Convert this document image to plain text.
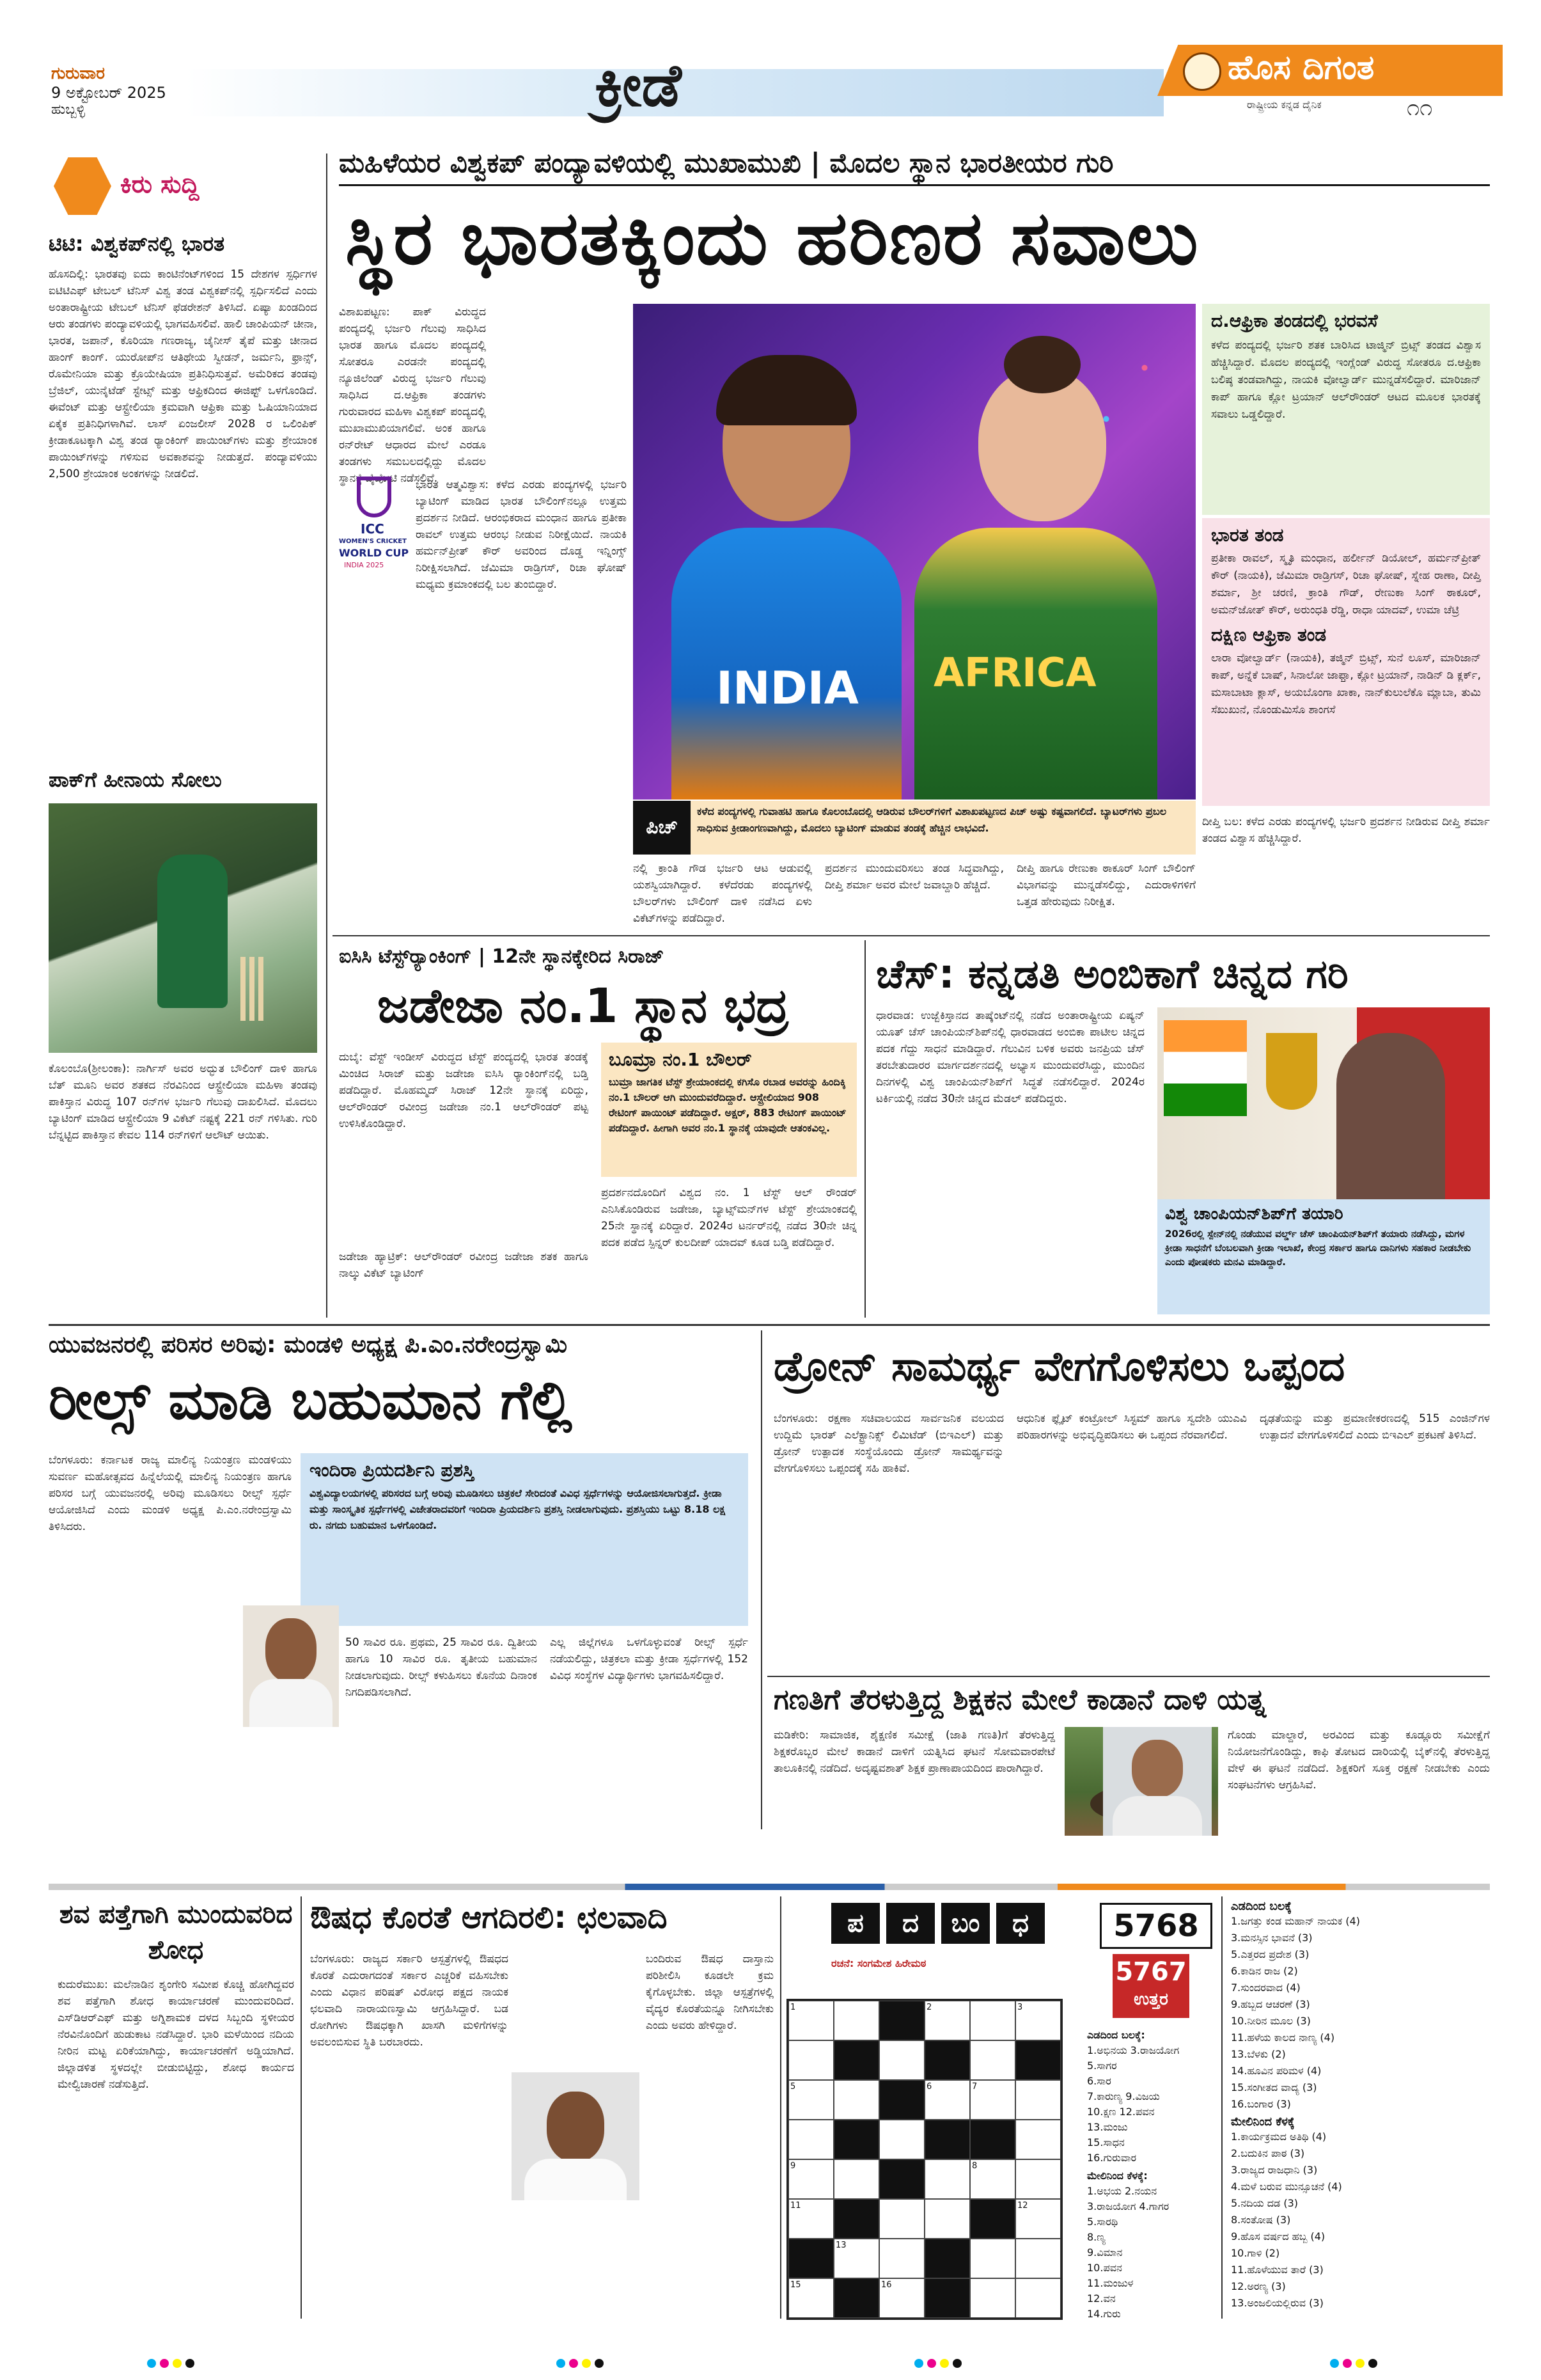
ಗುರುವಾರ
9 ಅಕ್ಟೋಬರ್ 2025
ಹುಬ್ಬಳ್ಳಿ	ಕ್ರೀಡೆ	ಹೊಸ ದಿಗಂತ
ರಾಷ್ಟ್ರೀಯ ಕನ್ನಡ ದೈನಿಕ	೧೧
ಕಿರು ಸುದ್ದಿ
ಟಿಟಿ: ವಿಶ್ವಕಪ್‌ನಲ್ಲಿ ಭಾರತ
ಹೊಸದಿಲ್ಲಿ: ಭಾರತವು ಐದು ಕಾಂಟಿನೆಂಟ್‌ಗಳಿಂದ 15 ದೇಶಗಳ ಸ್ಪರ್ಧಿಗಳ ಐಟಿಟಿಎಫ್ ಟೇಬಲ್ ಟೆನಿಸ್ ವಿಶ್ವ ತಂಡ ವಿಶ್ವಕಪ್‌ನಲ್ಲಿ ಸ್ಪರ್ಧಿಸಲಿದೆ ಎಂದು ಅಂತಾರಾಷ್ಟ್ರೀಯ ಟೇಬಲ್ ಟೆನಿಸ್ ಫೆಡರೇಶನ್ ತಿಳಿಸಿದೆ. ಏಷ್ಯಾ ಖಂಡದಿಂದ ಆರು ತಂಡಗಳು ಪಂದ್ಯಾವಳಿಯಲ್ಲಿ ಭಾಗವಹಿಸಲಿವೆ. ಹಾಲಿ ಚಾಂಪಿಯನ್ ಚೀನಾ, ಭಾರತ, ಜಪಾನ್, ಕೊರಿಯಾ ಗಣರಾಜ್ಯ, ಚೈನೀಸ್ ತೈಪೆ ಮತ್ತು ಚೀನಾದ ಹಾಂಗ್ ಕಾಂಗ್. ಯುರೋಪ್‌ನ ಆತಿಥೇಯ ಸ್ವೀಡನ್, ಜರ್ಮನಿ, ಫ್ರಾನ್ಸ್, ರೊಮೇನಿಯಾ ಮತ್ತು ಕ್ರೊಯೇಷಿಯಾ ಪ್ರತಿನಿಧಿಸುತ್ತವೆ. ಅಮೆರಿಕದ ತಂಡವು ಬ್ರೆಜಿಲ್, ಯುನೈಟೆಡ್ ಸ್ಟೇಟ್ಸ್ ಮತ್ತು ಆಫ್ರಿಕದಿಂದ ಈಜಿಪ್ಟ್ ಒಳಗೊಂಡಿದೆ. ಈವೆಂಟ್ ಮತ್ತು ಆಸ್ಟ್ರೇಲಿಯಾ ಕ್ರಮವಾಗಿ ಆಫ್ರಿಕಾ ಮತ್ತು ಓಷಿಯಾನಿಯಾದ ಏಕೈಕ ಪ್ರತಿನಿಧಿಗಳಾಗಿವೆ. ಲಾಸ್ ಏಂಜಲೀಸ್ 2028 ರ ಒಲಿಂಪಿಕ್ ಕ್ರೀಡಾಕೂಟಕ್ಕಾಗಿ ವಿಶ್ವ ತಂಡ ರ‍್ಯಾಂಕಿಂಗ್ ಪಾಯಿಂಟ್‌ಗಳು ಮತ್ತು ಶ್ರೇಯಾಂಕ ಪಾಯಿಂಟ್‌ಗಳನ್ನು ಗಳಿಸುವ ಅವಕಾಶವನ್ನು ನೀಡುತ್ತದೆ. ಪಂದ್ಯಾವಳಿಯು 2,500 ಶ್ರೇಯಾಂಕ ಅಂಕಗಳನ್ನು ನೀಡಲಿದೆ.
ಪಾಕ್‌ಗೆ ಹೀನಾಯ ಸೋಲು
ಕೊಲಂಬೊ(ಶ್ರೀಲಂಕಾ): ನಾರ್ಗಿಸ್ ಅವರ ಅದ್ಭುತ ಬೌಲಿಂಗ್ ದಾಳಿ ಹಾಗೂ ಬೆತ್ ಮೂನಿ ಅವರ ಶತಕದ ನೆರವಿನಿಂದ ಆಸ್ಟ್ರೇಲಿಯಾ ಮಹಿಳಾ ತಂಡವು ಪಾಕಿಸ್ತಾನ ವಿರುದ್ಧ 107 ರನ್‌ಗಳ ಭರ್ಜರಿ ಗೆಲುವು ದಾಖಲಿಸಿದೆ. ಮೊದಲು ಬ್ಯಾಟಿಂಗ್ ಮಾಡಿದ ಆಸ್ಟ್ರೇಲಿಯಾ 9 ವಿಕೆಟ್ ನಷ್ಟಕ್ಕೆ 221 ರನ್ ಗಳಿಸಿತು. ಗುರಿ ಬೆನ್ನಟ್ಟಿದ ಪಾಕಿಸ್ತಾನ ಕೇವಲ 114 ರನ್‌ಗಳಿಗೆ ಆಲೌಟ್ ಆಯಿತು.
ಮಹಿಳೆಯರ ವಿಶ್ವಕಪ್ ಪಂದ್ಯಾವಳಿಯಲ್ಲಿ ಮುಖಾಮುಖಿ | ಮೊದಲ ಸ್ಥಾನ ಭಾರತೀಯರ ಗುರಿ
ಸ್ಥಿರ ಭಾರತಕ್ಕಿಂದು ಹರಿಣರ ಸವಾಲು
ವಿಶಾಖಪಟ್ಟಣ: ಪಾಕ್ ವಿರುದ್ಧದ ಪಂದ್ಯದಲ್ಲಿ ಭರ್ಜರಿ ಗೆಲುವು ಸಾಧಿಸಿದ ಭಾರತ ಹಾಗೂ ಮೊದಲ ಪಂದ್ಯದಲ್ಲಿ ಸೋತರೂ ಎರಡನೇ ಪಂದ್ಯದಲ್ಲಿ ನ್ಯೂಜಿಲೆಂಡ್ ವಿರುದ್ಧ ಭರ್ಜರಿ ಗೆಲುವು ಸಾಧಿಸಿದ ದ.ಆಫ್ರಿಕಾ ತಂಡಗಳು ಗುರುವಾರದ ಮಹಿಳಾ ವಿಶ್ವಕಪ್ ಪಂದ್ಯದಲ್ಲಿ ಮುಖಾಮುಖಿಯಾಗಲಿವೆ. ಅಂಕ ಹಾಗೂ ರನ್‌ರೇಟ್ ಆಧಾರದ ಮೇಲೆ ಎರಡೂ ತಂಡಗಳು ಸಮಬಲದಲ್ಲಿದ್ದು ಮೊದಲ ಸ್ಥಾನಕ್ಕೆ ಪೈಪೋಟಿ ನಡೆಸಲಿವೆ.
ICC
WOMEN'S CRICKET
WORLD CUP
INDIA 2025
ಭಾರತ ಆತ್ಮವಿಶ್ವಾಸ: ಕಳೆದ ಎರಡು ಪಂದ್ಯಗಳಲ್ಲಿ ಭರ್ಜರಿ ಬ್ಯಾಟಿಂಗ್ ಮಾಡಿದ ಭಾರತ ಬೌಲಿಂಗ್‌ನಲ್ಲೂ ಉತ್ತಮ ಪ್ರದರ್ಶನ ನೀಡಿದೆ. ಆರಂಭಿಕರಾದ ಮಂಧಾನ ಹಾಗೂ ಪ್ರತೀಕಾ ರಾವಲ್ ಉತ್ತಮ ಆರಂಭ ನೀಡುವ ನಿರೀಕ್ಷೆಯಿದೆ. ನಾಯಕಿ ಹರ್ಮನ್‌ಪ್ರೀತ್ ಕೌರ್ ಅವರಿಂದ ದೊಡ್ಡ ಇನ್ನಿಂಗ್ಸ್ ನಿರೀಕ್ಷಿಸಲಾಗಿದೆ. ಜೆಮಿಮಾ ರಾಡ್ರಿಗಸ್, ರಿಚಾ ಘೋಷ್ ಮಧ್ಯಮ ಕ್ರಮಾಂಕದಲ್ಲಿ ಬಲ ತುಂಬಿದ್ದಾರೆ.
INDIA AFRICA
ದ.ಆಫ್ರಿಕಾ ತಂಡದಲ್ಲಿ ಭರವಸೆ
ಕಳೆದ ಪಂದ್ಯದಲ್ಲಿ ಭರ್ಜರಿ ಶತಕ ಬಾರಿಸಿದ ಟಾಜ್ಮಿನ್ ಬ್ರಿಟ್ಸ್ ತಂಡದ ವಿಶ್ವಾಸ ಹೆಚ್ಚಿಸಿದ್ದಾರೆ. ಮೊದಲ ಪಂದ್ಯದಲ್ಲಿ ಇಂಗ್ಲೆಂಡ್ ವಿರುದ್ಧ ಸೋತರೂ ದ.ಆಫ್ರಿಕಾ ಬಲಿಷ್ಠ ತಂಡವಾಗಿದ್ದು, ನಾಯಕಿ ವೋಲ್ವಾರ್ಡ್ ಮುನ್ನಡೆಸಲಿದ್ದಾರೆ. ಮಾರಿಜಾನ್ ಕಾಪ್ ಹಾಗೂ ಕ್ಲೋ ಟ್ರಯಾನ್ ಆಲ್‌ರೌಂಡರ್ ಆಟದ ಮೂಲಕ ಭಾರತಕ್ಕೆ ಸವಾಲು ಒಡ್ಡಲಿದ್ದಾರೆ.
ಭಾರತ ತಂಡ
ಪ್ರತೀಕಾ ರಾವಲ್, ಸ್ಮೃತಿ ಮಂಧಾನ, ಹರ್ಲೀನ್ ಡಿಯೋಲ್, ಹರ್ಮನ್‌ಪ್ರೀತ್ ಕೌರ್ (ನಾಯಕಿ), ಜೆಮಿಮಾ ರಾಡ್ರಿಗಸ್, ರಿಚಾ ಘೋಷ್, ಸ್ನೇಹ ರಾಣಾ, ದೀಪ್ತಿ ಶರ್ಮಾ, ಶ್ರೀ ಚರಣಿ, ಕ್ರಾಂತಿ ಗೌಡ್, ರೇಣುಕಾ ಸಿಂಗ್ ಠಾಕೂರ್, ಅಮನ್‌ಜೋತ್ ಕೌರ್, ಅರುಂಧತಿ ರೆಡ್ಡಿ, ರಾಧಾ ಯಾದವ್, ಉಮಾ ಚೆಟ್ರಿ
ದಕ್ಷಿಣ ಆಫ್ರಿಕಾ ತಂಡ
ಲಾರಾ ವೋಲ್ವಾರ್ಡ್ (ನಾಯಕಿ), ತಜ್ಮಿನ್ ಬ್ರಿಟ್ಸ್, ಸುನೆ ಲೂಸ್, ಮಾರಿಜಾನ್ ಕಾಪ್, ಅನ್ನೆಕೆ ಬಾಷ್, ಸಿನಾಲೋ ಜಾಫ್ತಾ, ಕ್ಲೋ ಟ್ರಯಾನ್, ನಾಡಿನ್ ಡಿ ಕ್ಲರ್ಕ್, ಮಸಾಬಾಟಾ ಕ್ಲಾಸ್, ಅಯಬೊಂಗಾ ಖಾಕಾ, ನಾನ್‌ಕುಲುಲೆಕೊ ಮ್ಲಾಬಾ, ತುಮಿ ಸೆಖುಖುನೆ, ನೊಂಡುಮಿಸೊ ಶಾಂಗಸೆ
ದೀಪ್ತಿ ಬಲ: ಕಳೆದ ಎರಡು ಪಂದ್ಯಗಳಲ್ಲಿ ಭರ್ಜರಿ ಪ್ರದರ್ಶನ ನೀಡಿರುವ ದೀಪ್ತಿ ಶರ್ಮಾ ತಂಡದ ವಿಶ್ವಾಸ ಹೆಚ್ಚಿಸಿದ್ದಾರೆ.
ಪಿಚ್
ಕಳೆದ ಪಂದ್ಯಗಳಲ್ಲಿ ಗುವಾಹಟಿ ಹಾಗೂ ಕೊಲಂಬೊದಲ್ಲಿ ಆಡಿರುವ ಬೌಲರ್‌ಗಳಿಗೆ ವಿಶಾಖಪಟ್ಟಣದ ಪಿಚ್ ಅಷ್ಟು ಕಷ್ಟವಾಗಲಿದೆ. ಬ್ಯಾಟರ್‌ಗಳು ಪ್ರಬಲ ಸಾಧಿಸುವ ಕ್ರೀಡಾಂಗಣವಾಗಿದ್ದು, ಮೊದಲು ಬ್ಯಾಟಿಂಗ್ ಮಾಡುವ ತಂಡಕ್ಕೆ ಹೆಚ್ಚಿನ ಲಾಭವಿದೆ.
ನಲ್ಲಿ ಕ್ರಾಂತಿ ಗೌಡ ಭರ್ಜರಿ ಆಟ ಆಡುವಲ್ಲಿ ಯಶಸ್ವಿಯಾಗಿದ್ದಾರೆ. ಕಳೆದೆರಡು ಪಂದ್ಯಗಳಲ್ಲಿ ಬೌಲರ್‌ಗಳು ಬೌಲಿಂಗ್ ದಾಳಿ ನಡೆಸಿದ ಏಳು ವಿಕೆಟ್‌ಗಳನ್ನು ಪಡೆದಿದ್ದಾರೆ.
ಪ್ರದರ್ಶನ ಮುಂದುವರಿಸಲು ತಂಡ ಸಿದ್ಧವಾಗಿದ್ದು, ದೀಪ್ತಿ ಶರ್ಮಾ ಅವರ ಮೇಲೆ ಜವಾಬ್ದಾರಿ ಹೆಚ್ಚಿದೆ.
ದೀಪ್ತಿ ಹಾಗೂ ರೇಣುಕಾ ಠಾಕೂರ್ ಸಿಂಗ್ ಬೌಲಿಂಗ್ ವಿಭಾಗವನ್ನು ಮುನ್ನಡೆಸಲಿದ್ದು, ಎದುರಾಳಿಗಳಿಗೆ ಒತ್ತಡ ಹೇರುವುದು ನಿರೀಕ್ಷಿತ.
ಐಸಿಸಿ ಟೆಸ್ಟ್‌ರ‍್ಯಾಂಕಿಂಗ್ | 12ನೇ ಸ್ಥಾನಕ್ಕೇರಿದ ಸಿರಾಜ್
ಜಡೇಜಾ ನಂ.1 ಸ್ಥಾನ ಭದ್ರ
ದುಬೈ: ವೆಸ್ಟ್ ಇಂಡೀಸ್ ವಿರುದ್ಧದ ಟೆಸ್ಟ್ ಪಂದ್ಯದಲ್ಲಿ ಭಾರತ ತಂಡಕ್ಕೆ ಮಿಂಚಿದ ಸಿರಾಜ್ ಮತ್ತು ಜಡೇಜಾ ಐಸಿಸಿ ರ‍್ಯಾಂಕಿಂಗ್‌ನಲ್ಲಿ ಬಡ್ತಿ ಪಡೆದಿದ್ದಾರೆ. ಮೊಹಮ್ಮದ್ ಸಿರಾಜ್ 12ನೇ ಸ್ಥಾನಕ್ಕೆ ಏರಿದ್ದು, ಆಲ್‌ರೌಂಡರ್ ರವೀಂದ್ರ ಜಡೇಜಾ ನಂ.1 ಆಲ್‌ರೌಂಡರ್ ಪಟ್ಟ ಉಳಿಸಿಕೊಂಡಿದ್ದಾರೆ.
ಜಡೇಜಾ ಹ್ಯಾಟ್ರಿಕ್: ಆಲ್‌ರೌಂಡರ್ ರವೀಂದ್ರ ಜಡೇಜಾ ಶತಕ ಹಾಗೂ ನಾಲ್ಕು ವಿಕೆಟ್ ಬ್ಯಾಟಿಂಗ್
ಬೂಮ್ರಾ ನಂ.1 ಬೌಲರ್
ಬುಮ್ರಾ ಜಾಗತಿಕ ಟೆಸ್ಟ್ ಶ್ರೇಯಾಂಕದಲ್ಲಿ ಕಗಿಸೊ ರಬಾಡ ಅವರನ್ನು ಹಿಂದಿಕ್ಕಿ ನಂ.1 ಬೌಲರ್ ಆಗಿ ಮುಂದುವರೆದಿದ್ದಾರೆ. ಆಸ್ಟ್ರೇಲಿಯಾದ 908 ರೇಟಿಂಗ್ ಪಾಯಿಂಟ್ ಪಡೆದಿದ್ದಾರೆ. ಅಕ್ಷರ್, 883 ರೇಟಿಂಗ್ ಪಾಯಿಂಟ್ ಪಡೆದಿದ್ದಾರೆ. ಹೀಗಾಗಿ ಅವರ ನಂ.1 ಸ್ಥಾನಕ್ಕೆ ಯಾವುದೇ ಆತಂಕವಿಲ್ಲ.
ಪ್ರದರ್ಶನದೊಂದಿಗೆ ವಿಶ್ವದ ನಂ. 1 ಟೆಸ್ಟ್ ಆಲ್ ರೌಂಡರ್ ಎನಿಸಿಕೊಂಡಿರುವ ಜಡೇಜಾ, ಬ್ಯಾಟ್ಸ್‌ಮನ್‌ಗಳ ಟೆಸ್ಟ್ ಶ್ರೇಯಾಂಕದಲ್ಲಿ 25ನೇ ಸ್ಥಾನಕ್ಕೆ ಏರಿದ್ದಾರೆ. 2024ರ ಟರ್ನರ್‌ನಲ್ಲಿ ನಡೆದ 30ನೇ ಚಿನ್ನ ಪದಕ ಪಡೆದ ಸ್ಪಿನ್ನರ್ ಕುಲದೀಪ್ ಯಾದವ್ ಕೂಡ ಬಡ್ತಿ ಪಡೆದಿದ್ದಾರೆ.
ಚೆಸ್: ಕನ್ನಡತಿ ಅಂಬಿಕಾಗೆ ಚಿನ್ನದ ಗರಿ
ಧಾರವಾಡ: ಉಜ್ಬೆಕಿಸ್ತಾನದ ತಾಷ್ಕೆಂಟ್‌ನಲ್ಲಿ ನಡೆದ ಅಂತಾರಾಷ್ಟ್ರೀಯ ಏಷ್ಯನ್ ಯೂತ್ ಚೆಸ್ ಚಾಂಪಿಯನ್‌ಶಿಪ್‌ನಲ್ಲಿ ಧಾರವಾಡದ ಅಂಬಿಕಾ ಪಾಟೀಲ ಚಿನ್ನದ ಪದಕ ಗೆದ್ದು ಸಾಧನೆ ಮಾಡಿದ್ದಾರೆ. ಗೆಲುವಿನ ಬಳಿಕ ಅವರು ಜನಪ್ರಿಯ ಚೆಸ್ ತರಬೇತುದಾರರ ಮಾರ್ಗದರ್ಶನದಲ್ಲಿ ಅಭ್ಯಾಸ ಮುಂದುವರೆಸಿದ್ದು, ಮುಂದಿನ ದಿನಗಳಲ್ಲಿ ವಿಶ್ವ ಚಾಂಪಿಯನ್‌ಶಿಪ್‌ಗೆ ಸಿದ್ಧತೆ ನಡೆಸಲಿದ್ದಾರೆ. 2024ರ ಟರ್ಕಿಯಲ್ಲಿ ನಡೆದ 30ನೇ ಚಿನ್ನದ ಮೆಡಲ್ ಪಡೆದಿದ್ದರು.
ವಿಶ್ವ ಚಾಂಪಿಯನ್‌ಶಿಪ್‌ಗೆ ತಯಾರಿ
2026ರಲ್ಲಿ ಸ್ಪೇನ್‌ನಲ್ಲಿ ನಡೆಯುವ ವರ್ಲ್ಡ್ ಚೆಸ್ ಚಾಂಪಿಯನ್‌ಶಿಪ್‌ಗೆ ತಯಾರು ನಡೆಸಿದ್ದು, ಮಗಳ ಕ್ರೀಡಾ ಸಾಧನೆಗೆ ಬೆಂಬಲವಾಗಿ ಕ್ರೀಡಾ ಇಲಾಖೆ, ಕೇಂದ್ರ ಸರ್ಕಾರ ಹಾಗೂ ದಾನಿಗಳು ಸಹಕಾರ ನೀಡಬೇಕು ಎಂದು ಪೋಷಕರು ಮನವಿ ಮಾಡಿದ್ದಾರೆ.
ಯುವಜನರಲ್ಲಿ ಪರಿಸರ ಅರಿವು: ಮಂಡಳಿ ಅಧ್ಯಕ್ಷ ಪಿ.ಎಂ.ನರೇಂದ್ರಸ್ವಾಮಿ
ರೀಲ್ಸ್ ಮಾಡಿ ಬಹುಮಾನ ಗೆಲ್ಲಿ
ಬೆಂಗಳೂರು: ಕರ್ನಾಟಕ ರಾಜ್ಯ ಮಾಲಿನ್ಯ ನಿಯಂತ್ರಣ ಮಂಡಳಿಯು ಸುವರ್ಣ ಮಹೋತ್ಸವದ ಹಿನ್ನೆಲೆಯಲ್ಲಿ ಮಾಲಿನ್ಯ ನಿಯಂತ್ರಣ ಹಾಗೂ ಪರಿಸರ ಬಗ್ಗೆ ಯುವಜನರಲ್ಲಿ ಅರಿವು ಮೂಡಿಸಲು ರೀಲ್ಸ್ ಸ್ಪರ್ಧೆ ಆಯೋಜಿಸಿದೆ ಎಂದು ಮಂಡಳಿ ಅಧ್ಯಕ್ಷ ಪಿ.ಎಂ.ನರೇಂದ್ರಸ್ವಾಮಿ ತಿಳಿಸಿದರು.
ಇಂದಿರಾ ಪ್ರಿಯದರ್ಶಿನಿ ಪ್ರಶಸ್ತಿ
ವಿಶ್ವವಿದ್ಯಾಲಯಗಳಲ್ಲಿ ಪರಿಸರದ ಬಗ್ಗೆ ಅರಿವು ಮೂಡಿಸಲು ಚಿತ್ರಕಲೆ ಸೇರಿದಂತೆ ವಿವಿಧ ಸ್ಪರ್ಧೆಗಳನ್ನು ಆಯೋಜಿಸಲಾಗುತ್ತದೆ. ಕ್ರೀಡಾ ಮತ್ತು ಸಾಂಸ್ಕೃತಿಕ ಸ್ಪರ್ಧೆಗಳಲ್ಲಿ ವಿಜೇತರಾದವರಿಗೆ ಇಂದಿರಾ ಪ್ರಿಯದರ್ಶಿನಿ ಪ್ರಶಸ್ತಿ ನೀಡಲಾಗುವುದು. ಪ್ರಶಸ್ತಿಯು ಒಟ್ಟು 8.18 ಲಕ್ಷ ರು. ನಗದು ಬಹುಮಾನ ಒಳಗೊಂಡಿದೆ.
50 ಸಾವಿರ ರೂ. ಪ್ರಥಮ, 25 ಸಾವಿರ ರೂ. ದ್ವಿತೀಯ ಹಾಗೂ 10 ಸಾವಿರ ರೂ. ತೃತೀಯ ಬಹುಮಾನ ನೀಡಲಾಗುವುದು. ರೀಲ್ಸ್ ಕಳುಹಿಸಲು ಕೊನೆಯ ದಿನಾಂಕ ನಿಗದಿಪಡಿಸಲಾಗಿದೆ.
ಎಲ್ಲ ಜಿಲ್ಲೆಗಳೂ ಒಳಗೊಳ್ಳುವಂತೆ ರೀಲ್ಸ್ ಸ್ಪರ್ಧೆ ನಡೆಯಲಿದ್ದು, ಚಿತ್ರಕಲಾ ಮತ್ತು ಕ್ರೀಡಾ ಸ್ಪರ್ಧೆಗಳಲ್ಲಿ 152 ವಿವಿಧ ಸಂಸ್ಥೆಗಳ ವಿದ್ಯಾರ್ಥಿಗಳು ಭಾಗವಹಿಸಲಿದ್ದಾರೆ.
ಡ್ರೋನ್ ಸಾಮರ್ಥ್ಯ ವೇಗಗೊಳಿಸಲು ಒಪ್ಪಂದ
ಬೆಂಗಳೂರು: ರಕ್ಷಣಾ ಸಚಿವಾಲಯದ ಸಾರ್ವಜನಿಕ ವಲಯದ ಉದ್ದಿಮೆ ಭಾರತ್ ಎಲೆಕ್ಟ್ರಾನಿಕ್ಸ್ ಲಿಮಿಟೆಡ್ (ಬಿಇಎಲ್) ಮತ್ತು ಡ್ರೋನ್ ಉತ್ಪಾದಕ ಸಂಸ್ಥೆಯೊಂದು ಡ್ರೋನ್ ಸಾಮರ್ಥ್ಯವನ್ನು ವೇಗಗೊಳಿಸಲು ಒಪ್ಪಂದಕ್ಕೆ ಸಹಿ ಹಾಕಿವೆ.
ಆಧುನಿಕ ಫ್ಲೈಟ್ ಕಂಟ್ರೋಲ್ ಸಿಸ್ಟಮ್ ಹಾಗೂ ಸ್ವದೇಶಿ ಯುಎವಿ ಪರಿಹಾರಗಳನ್ನು ಅಭಿವೃದ್ಧಿಪಡಿಸಲು ಈ ಒಪ್ಪಂದ ನೆರವಾಗಲಿದೆ.
ದೃಢತೆಯನ್ನು ಮತ್ತು ಪ್ರಮಾಣೀಕರಣದಲ್ಲಿ 515 ಎಂಜಿನ್‌ಗಳ ಉತ್ಪಾದನೆ ವೇಗಗೊಳಿಸಲಿದೆ ಎಂದು ಬಿಇಎಲ್ ಪ್ರಕಟಣೆ ತಿಳಿಸಿದೆ.
ಗಣತಿಗೆ ತೆರಳುತ್ತಿದ್ದ ಶಿಕ್ಷಕನ ಮೇಲೆ ಕಾಡಾನೆ ದಾಳಿ ಯತ್ನ
ಮಡಿಕೇರಿ: ಸಾಮಾಜಿಕ, ಶೈಕ್ಷಣಿಕ ಸಮೀಕ್ಷೆ (ಜಾತಿ ಗಣತಿ)ಗೆ ತೆರಳುತ್ತಿದ್ದ ಶಿಕ್ಷಕರೊಬ್ಬರ ಮೇಲೆ ಕಾಡಾನೆ ದಾಳಿಗೆ ಯತ್ನಿಸಿದ ಘಟನೆ ಸೋಮವಾರಪೇಟೆ ತಾಲೂಕಿನಲ್ಲಿ ನಡೆದಿದೆ. ಅದೃಷ್ಟವಶಾತ್ ಶಿಕ್ಷಕ ಪ್ರಾಣಾಪಾಯದಿಂದ ಪಾರಾಗಿದ್ದಾರೆ.
ಗೊಂಡು ಮಾಲ್ದಾರೆ, ಅರವಿಂದ ಮತ್ತು ಕೂಡ್ಲೂರು ಸಮೀಕ್ಷೆಗೆ ನಿಯೋಜನೆಗೊಂಡಿದ್ದು, ಕಾಫಿ ತೋಟದ ದಾರಿಯಲ್ಲಿ ಬೈಕ್‌ನಲ್ಲಿ ತೆರಳುತ್ತಿದ್ದ ವೇಳೆ ಈ ಘಟನೆ ನಡೆದಿದೆ. ಶಿಕ್ಷಕರಿಗೆ ಸೂಕ್ತ ರಕ್ಷಣೆ ನೀಡಬೇಕು ಎಂದು ಸಂಘಟನೆಗಳು ಆಗ್ರಹಿಸಿವೆ.
ಶವ ಪತ್ತೆಗಾಗಿ ಮುಂದುವರಿದ ಶೋಧ
ಕುದುರೆಮುಖ: ಮಲೆನಾಡಿನ ಶೃಂಗೇರಿ ಸಮೀಪ ಕೊಚ್ಚಿ ಹೋಗಿದ್ದವರ ಶವ ಪತ್ತೆಗಾಗಿ ಶೋಧ ಕಾರ್ಯಾಚರಣೆ ಮುಂದುವರಿದಿದೆ. ಎಸ್‌ಡಿಆರ್‌ಎಫ್ ಮತ್ತು ಅಗ್ನಿಶಾಮಕ ದಳದ ಸಿಬ್ಬಂದಿ ಸ್ಥಳೀಯರ ನೆರವಿನೊಂದಿಗೆ ಹುಡುಕಾಟ ನಡೆಸಿದ್ದಾರೆ. ಭಾರಿ ಮಳೆಯಿಂದ ನದಿಯ ನೀರಿನ ಮಟ್ಟ ಏರಿಕೆಯಾಗಿದ್ದು, ಕಾರ್ಯಾಚರಣೆಗೆ ಅಡ್ಡಿಯಾಗಿದೆ. ಜಿಲ್ಲಾಡಳಿತ ಸ್ಥಳದಲ್ಲೇ ಬೀಡುಬಿಟ್ಟಿದ್ದು, ಶೋಧ ಕಾರ್ಯದ ಮೇಲ್ವಿಚಾರಣೆ ನಡೆಸುತ್ತಿದೆ.
ಔಷಧ ಕೊರತೆ ಆಗದಿರಲಿ: ಛಲವಾದಿ
ಬೆಂಗಳೂರು: ರಾಜ್ಯದ ಸರ್ಕಾರಿ ಆಸ್ಪತ್ರೆಗಳಲ್ಲಿ ಔಷಧದ ಕೊರತೆ ಎದುರಾಗದಂತೆ ಸರ್ಕಾರ ಎಚ್ಚರಿಕೆ ವಹಿಸಬೇಕು ಎಂದು ವಿಧಾನ ಪರಿಷತ್ ವಿರೋಧ ಪಕ್ಷದ ನಾಯಕ ಛಲವಾದಿ ನಾರಾಯಣಸ್ವಾಮಿ ಆಗ್ರಹಿಸಿದ್ದಾರೆ. ಬಡ ರೋಗಿಗಳು ಔಷಧಕ್ಕಾಗಿ ಖಾಸಗಿ ಮಳಿಗೆಗಳನ್ನು ಅವಲಂಬಿಸುವ ಸ್ಥಿತಿ ಬರಬಾರದು.
ಬಂದಿರುವ ಔಷಧ ದಾಸ್ತಾನು ಪರಿಶೀಲಿಸಿ ಕೂಡಲೇ ಕ್ರಮ ಕೈಗೊಳ್ಳಬೇಕು. ಜಿಲ್ಲಾ ಆಸ್ಪತ್ರೆಗಳಲ್ಲಿ ವೈದ್ಯರ ಕೊರತೆಯನ್ನೂ ನೀಗಿಸಬೇಕು ಎಂದು ಅವರು ಹೇಳಿದ್ದಾರೆ.
ಪ	ದ	ಬಂ	ಧ
ರಚನೆ: ಸಂಗಮೇಶ ಹಿರೇಮಠ
5768
5767
ಉತ್ತರ
1	2	3
5	6	7
9	8
11	12
13
15	16
ಎಡದಿಂದ ಬಲಕ್ಕೆ:
1.ಅಭಿನಯ 3.ರಾಜಯೋಗ
5.ಸಾಗರ
6.ಸಾರ
7.ಕಾರುಣ್ಯ 9.ವಿಜಯ
10.ಕ್ಷಣ 12.ಪವನ
13.ಮಂಜು
15.ಸಾಧನ
16.ಗುರುವಾರ
ಮೇಲಿನಿಂದ ಕೆಳಕ್ಕೆ:
1.ಅಭಯ 2.ನಯನ
3.ರಾಜಯೋಗ 4.ಗಾಗರ
5.ಸಾರಥಿ
8.ಣ್ಯ
9.ವಿಮಾನ
10.ಪವನ
11.ಮಂಜುಳ
12.ವನ
14.ಗುರು
ಎಡದಿಂದ ಬಲಕ್ಕೆ
1.ಜಗತ್ತು ಕಂಡ ಮಹಾನ್ ನಾಯಕ (4)
3.ಮನಸ್ಸಿನ ಭಾವನೆ (3)
5.ಎತ್ತರದ ಪ್ರದೇಶ (3)
6.ಕಾಡಿನ ರಾಜ (2)
7.ಸುಂದರವಾದ (4)
9.ಹಬ್ಬದ ಆಚರಣೆ (3)
10.ನೀರಿನ ಮೂಲ (3)
11.ಹಳೆಯ ಕಾಲದ ನಾಣ್ಯ (4)
13.ಬೆಳಕು (2)
14.ಹೂವಿನ ಪರಿಮಳ (4)
15.ಸಂಗೀತದ ವಾದ್ಯ (3)
16.ಬಂಗಾರ (3)
ಮೇಲಿನಿಂದ ಕೆಳಕ್ಕೆ
1.ಕಾರ್ಯಕ್ರಮದ ಅತಿಥಿ (4)
2.ಬದುಕಿನ ಪಾಠ (3)
3.ರಾಜ್ಯದ ರಾಜಧಾನಿ (3)
4.ಮಳೆ ಬರುವ ಮುನ್ಸೂಚನೆ (4)
5.ನದಿಯ ದಡ (3)
8.ಸಂತೋಷ (3)
9.ಹೊಸ ವರ್ಷದ ಹಬ್ಬ (4)
10.ಗಾಳಿ (2)
11.ಹೊಳೆಯುವ ತಾರೆ (3)
12.ಅರಣ್ಯ (3)
13.ಅಂಜಲಿಯಲ್ಲಿರುವ (3)
